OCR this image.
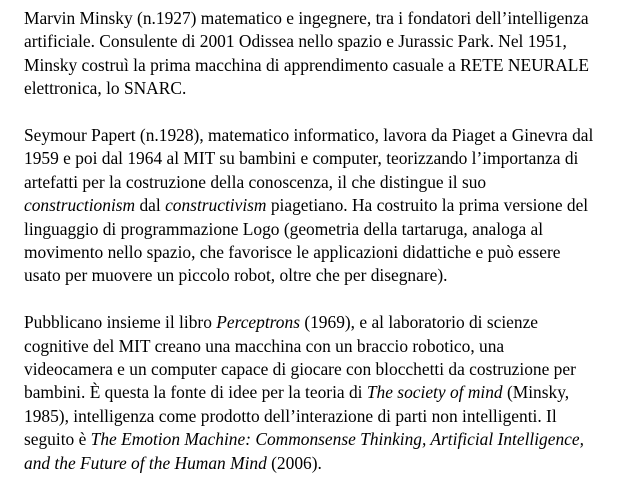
Marvin Minsky (n.1927) matematico e ingegnere, tra i fondatori dell’intelligenza
artificiale. Consulente di 2001 Odissea nello spazio e Jurassic Park. Nel 1951,
Minsky costruì la prima macchina di apprendimento casuale a RETE NEURALE
elettronica, lo SNARC.

Seymour Papert (n.1928), matematico informatico, lavora da Piaget a Ginevra dal
1959 e poi dal 1964 al MIT su bambini e computer, teorizzando l’importanza di
artefatti per la costruzione della conoscenza, il che distingue il suo
constructionism dal constructivism piagetiano. Ha costruito la prima versione del
linguaggio di programmazione Logo (geometria della tartaruga, analoga al
movimento nello spazio, che favorisce le applicazioni didattiche e può essere
usato per muovere un piccolo robot, oltre che per disegnare).

Pubblicano insieme il libro Perceptrons (1969), e al laboratorio di scienze
cognitive del MIT creano una macchina con un braccio robotico, una
videocamera e un computer capace di giocare con blocchetti da costruzione per
bambini. È questa la fonte di idee per la teoria di The society of mind (Minsky,
1985), intelligenza come prodotto dell’interazione di parti non intelligenti. Il
seguito è The Emotion Machine: Commonsense Thinking, Artificial Intelligence,
and the Future of the Human Mind (2006).
